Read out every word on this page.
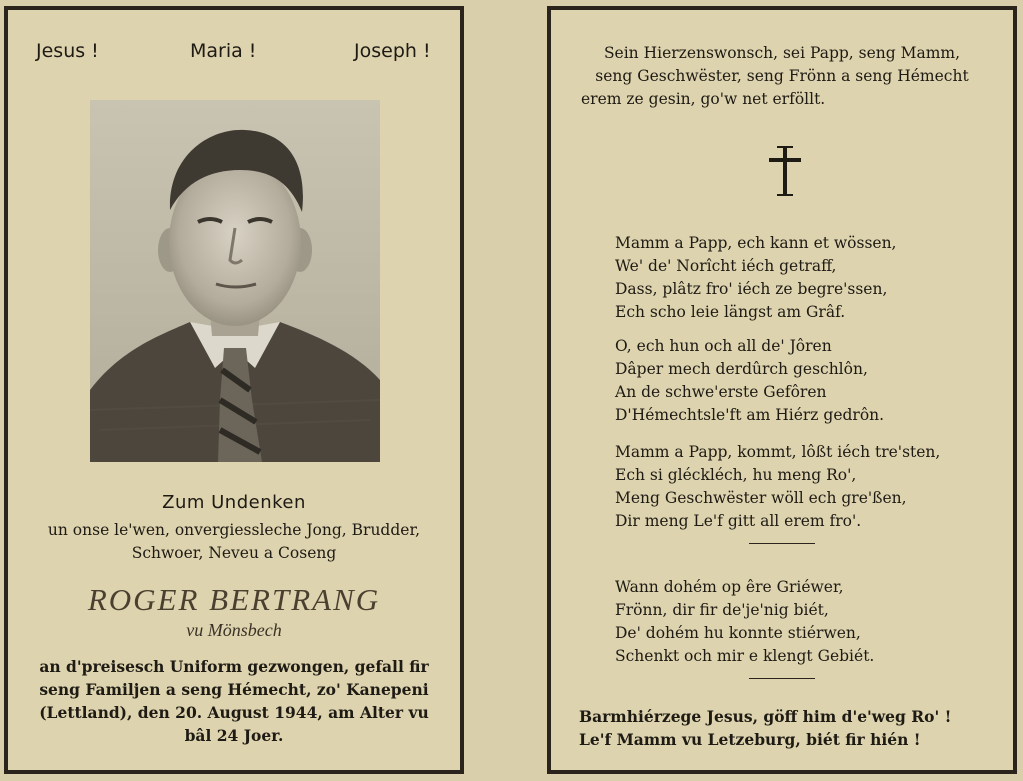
Jesus !	Maria !	Joseph !
Zum Undenken
un onse le'wen, onvergiessleche Jong, Brudder,
Schwoer, Neveu a Coseng
ROGER BERTRANG
vu Mönsbech
an d'preisesch Uniform gezwongen, gefall fir
seng Familjen a seng Hémecht, zo' Kanepeni
(Lettland), den 20. August 1944, am Alter vu
bâl 24 Joer.
Sein Hierzenswonsch, sei Papp, seng Mamm,
seng Geschwëster, seng Frönn a seng Hémecht
erem ze gesin, go'w net erföllt.
Mamm a Papp, ech kann et wössen,
We' de' Norîcht iéch getraff,
Dass, plâtz fro' iéch ze begre'ssen,
Ech scho leie längst am Grâf.
O, ech hun och all de' Jôren
Dâper mech derdûrch geschlôn,
An de schwe'erste Gefôren
D'Hémechtsle'ft am Hiérz gedrôn.
Mamm a Papp, kommt, lôßt iéch tre'sten,
Ech si gléckléch, hu meng Ro',
Meng Geschwëster wöll ech gre'ßen,
Dir meng Le'f gitt all erem fro'.
Wann dohém op êre Griéwer,
Frönn, dir fir de'je'nig biét,
De' dohém hu konnte stiérwen,
Schenkt och mir e klengt Gebiét.
Barmhiérzege Jesus, göff him d'e'weg Ro' !
Le'f Mamm vu Letzeburg, biét fir hién !
